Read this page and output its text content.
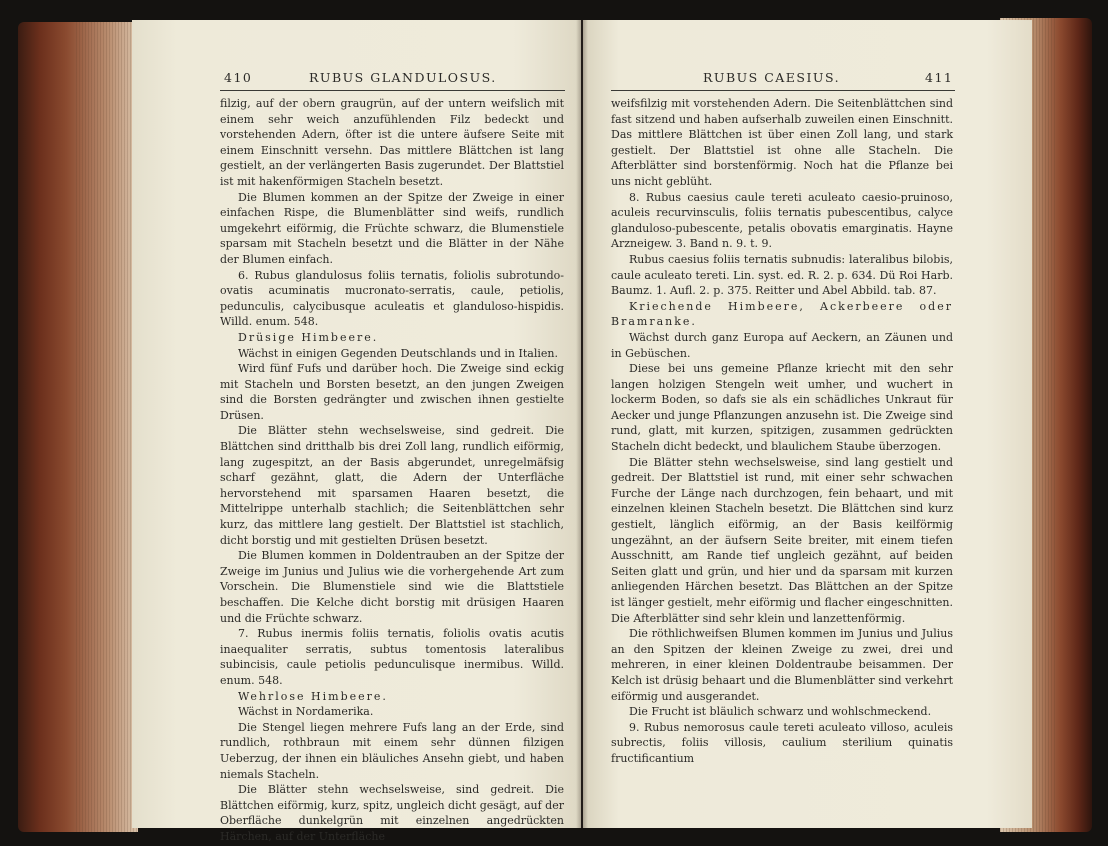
410	RUBUS GLANDULOSUS.

filzig, auf der obern graugrün, auf der untern weifslich mit einem sehr weich anzufühlenden Filz bedeckt und vorstehenden Adern, öfter ist die untere äufsere Seite mit einem Einschnitt versehn. Das mittlere Blättchen ist lang gestielt, an der verlängerten Basis zugerundet. Der Blattstiel ist mit hakenförmigen Stacheln besetzt.

Die Blumen kommen an der Spitze der Zweige in einer einfachen Rispe, die Blumenblätter sind weifs, rundlich umgekehrt eiförmig, die Früchte schwarz, die Blumenstiele sparsam mit Stacheln besetzt und die Blätter in der Nähe der Blumen einfach.

6. Rubus glandulosus foliis ternatis, foliolis subrotundo-ovatis acuminatis mucronato-serratis, caule, petiolis, pedunculis, calycibusque aculeatis et glanduloso-hispidis. Willd. enum. 548.

Drüsige Himbeere.

Wächst in einigen Gegenden Deutschlands und in Italien.

Wird fünf Fufs und darüber hoch. Die Zweige sind eckig mit Stacheln und Borsten besetzt, an den jungen Zweigen sind die Borsten gedrängter und zwischen ihnen gestielte Drüsen.

Die Blätter stehn wechselsweise, sind gedreit. Die Blättchen sind dritthalb bis drei Zoll lang, rundlich eiförmig, lang zugespitzt, an der Basis abgerundet, unregelmäfsig scharf gezähnt, glatt, die Adern der Unterfläche hervorstehend mit sparsamen Haaren besetzt, die Mittelrippe unterhalb stachlich; die Seitenblättchen sehr kurz, das mittlere lang gestielt. Der Blattstiel ist stachlich, dicht borstig und mit gestielten Drüsen besetzt.

Die Blumen kommen in Doldentrauben an der Spitze der Zweige im Junius und Julius wie die vorhergehende Art zum Vorschein. Die Blumenstiele sind wie die Blattstiele beschaffen. Die Kelche dicht borstig mit drüsigen Haaren und die Früchte schwarz.

7. Rubus inermis foliis ternatis, foliolis ovatis acutis inaequaliter serratis, subtus tomentosis lateralibus subincisis, caule petiolis pedunculisque inermibus. Willd. enum. 548.

Wehrlose Himbeere.

Wächst in Nordamerika.

Die Stengel liegen mehrere Fufs lang an der Erde, sind rundlich, rothbraun mit einem sehr dünnen filzigen Ueberzug, der ihnen ein bläuliches Ansehn giebt, und haben niemals Stacheln.

Die Blätter stehn wechselsweise, sind gedreit. Die Blättchen eiförmig, kurz, spitz, ungleich dicht gesägt, auf der Oberfläche dunkelgrün mit einzelnen angedrückten Härchen, auf der Unterfläche

RUBUS CAESIUS.	411

weifsfilzig mit vorstehenden Adern. Die Seitenblättchen sind fast sitzend und haben aufserhalb zuweilen einen Einschnitt. Das mittlere Blättchen ist über einen Zoll lang, und stark gestielt. Der Blattstiel ist ohne alle Stacheln. Die Afterblätter sind borstenförmig. Noch hat die Pflanze bei uns nicht geblüht.

8. Rubus caesius caule tereti aculeato caesio-pruinoso, aculeis recurvinsculis, foliis ternatis pubescentibus, calyce glanduloso-pubescente, petalis obovatis emarginatis. Hayne Arzneigew. 3. Band n. 9. t. 9.

Rubus caesius foliis ternatis subnudis: lateralibus bilobis, caule aculeato tereti. Lin. syst. ed. R. 2. p. 634. Dü Roi Harb. Baumz. 1. Aufl. 2. p. 375. Reitter und Abel Abbild. tab. 87.

Kriechende Himbeere, Ackerbeere oder Bramranke.

Wächst durch ganz Europa auf Aeckern, an Zäunen und in Gebüschen.

Diese bei uns gemeine Pflanze kriecht mit den sehr langen holzigen Stengeln weit umher, und wuchert in lockerm Boden, so dafs sie als ein schädliches Unkraut für Aecker und junge Pflanzungen anzusehn ist. Die Zweige sind rund, glatt, mit kurzen, spitzigen, zusammen gedrückten Stacheln dicht bedeckt, und blaulichem Staube überzogen.

Die Blätter stehn wechselsweise, sind lang gestielt und gedreit. Der Blattstiel ist rund, mit einer sehr schwachen Furche der Länge nach durchzogen, fein behaart, und mit einzelnen kleinen Stacheln besetzt. Die Blättchen sind kurz gestielt, länglich eiförmig, an der Basis keilförmig ungezähnt, an der äufsern Seite breiter, mit einem tiefen Ausschnitt, am Rande tief ungleich gezähnt, auf beiden Seiten glatt und grün, und hier und da sparsam mit kurzen anliegenden Härchen besetzt. Das Blättchen an der Spitze ist länger gestielt, mehr eiförmig und flacher eingeschnitten. Die Afterblätter sind sehr klein und lanzettenförmig.

Die röthlichweifsen Blumen kommen im Junius und Julius an den Spitzen der kleinen Zweige zu zwei, drei und mehreren, in einer kleinen Doldentraube beisammen. Der Kelch ist drüsig behaart und die Blumenblätter sind verkehrt eiförmig und ausgerandet.

Die Frucht ist bläulich schwarz und wohlschmeckend.

9. Rubus nemorosus caule tereti aculeato villoso, aculeis subrectis, foliis villosis, caulium sterilium quinatis fructificantium
